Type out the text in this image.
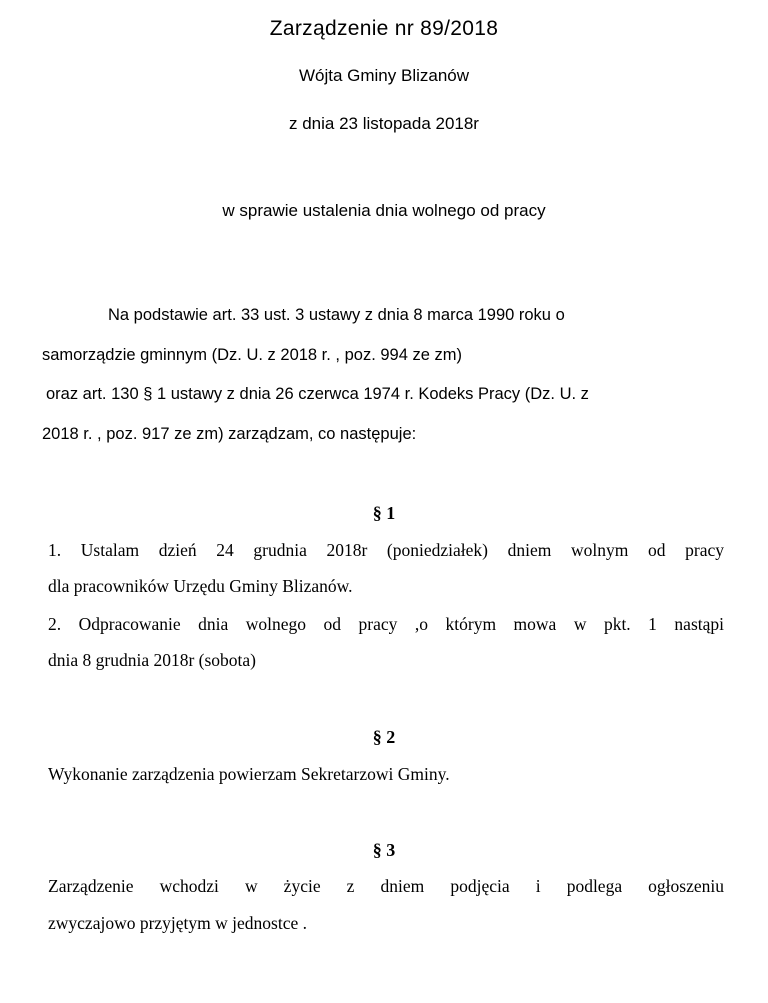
Zarządzenie nr 89/2018
Wójta Gminy Blizanów
z dnia 23 listopada 2018r
w sprawie ustalenia dnia wolnego od pracy
Na podstawie art. 33 ust. 3 ustawy z dnia 8 marca 1990 roku o
samorządzie gminnym (Dz. U. z 2018 r. , poz. 994 ze zm)
oraz art. 130 § 1 ustawy z dnia 26 czerwca 1974 r. Kodeks Pracy (Dz. U. z
2018 r. , poz. 917 ze zm) zarządzam, co następuje:
§ 1
1. Ustalam dzień 24 grudnia 2018r (poniedziałek) dniem wolnym od pracy
dla pracowników Urzędu Gminy Blizanów.
2. Odpracowanie dnia wolnego od pracy ,o którym mowa w pkt. 1 nastąpi
dnia 8 grudnia 2018r (sobota)
§ 2
Wykonanie zarządzenia powierzam Sekretarzowi Gminy.
§ 3
Zarządzenie wchodzi w życie z dniem podjęcia i podlega ogłoszeniu
zwyczajowo przyjętym w jednostce .
